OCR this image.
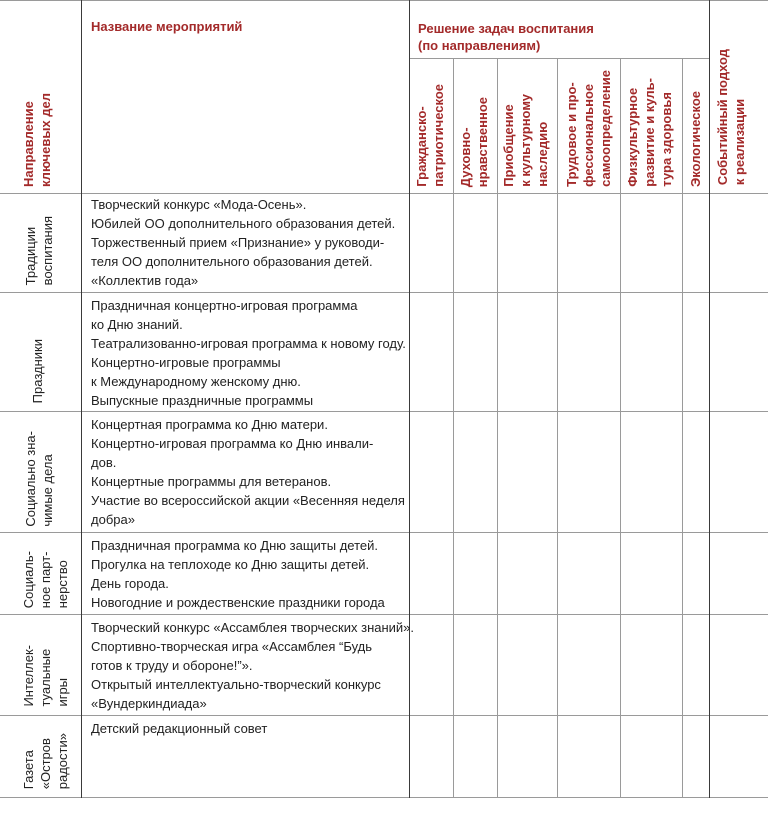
Направление ключевых дел
Название мероприятий	Решение задач воспитания
(по направлениям)
Событийный подход к реализации
Гражданско- патриотическое Духовно- нравственное Приобщение к культурному наследию Трудовое и про- фессиональное самоопределение Физкультурное развитие и куль- тура здоровья Экологическое
Традиции воспитания
Творческий конкурс «Мода-Осень».
Юбилей ОО дополнительного образования детей.
Торжественный прием «Признание» у руководи-
теля ОО дополнительного образования детей.
«Коллектив года»
Праздники
Праздничная концертно-игровая программа
ко Дню знаний.
Театрализованно-игровая программа к новому году.
Концертно-игровые программы
к Международному женскому дню.
Выпускные праздничные программы
Социально зна- чимые дела
Концертная программа ко Дню матери.
Концертно-игровая программа ко Дню инвали-
дов.
Концертные программы для ветеранов.
Участие во всероссийской акции «Весенняя неделя
добра»
Социаль- ное парт- нерство
Праздничная программа ко Дню защиты детей.
Прогулка на теплоходе ко Дню защиты детей.
День города.
Новогодние и рождественские праздники города
Интеллек- туальные игры
Творческий конкурс «Ассамблея творческих знаний».
Спортивно-творческая игра «Ассамблея “Будь
готов к труду и обороне!”».
Открытый интеллектуально-творческий конкурс
«Вундеркиндиада»
Газета «Остров радости»
Детский редакционный совет
